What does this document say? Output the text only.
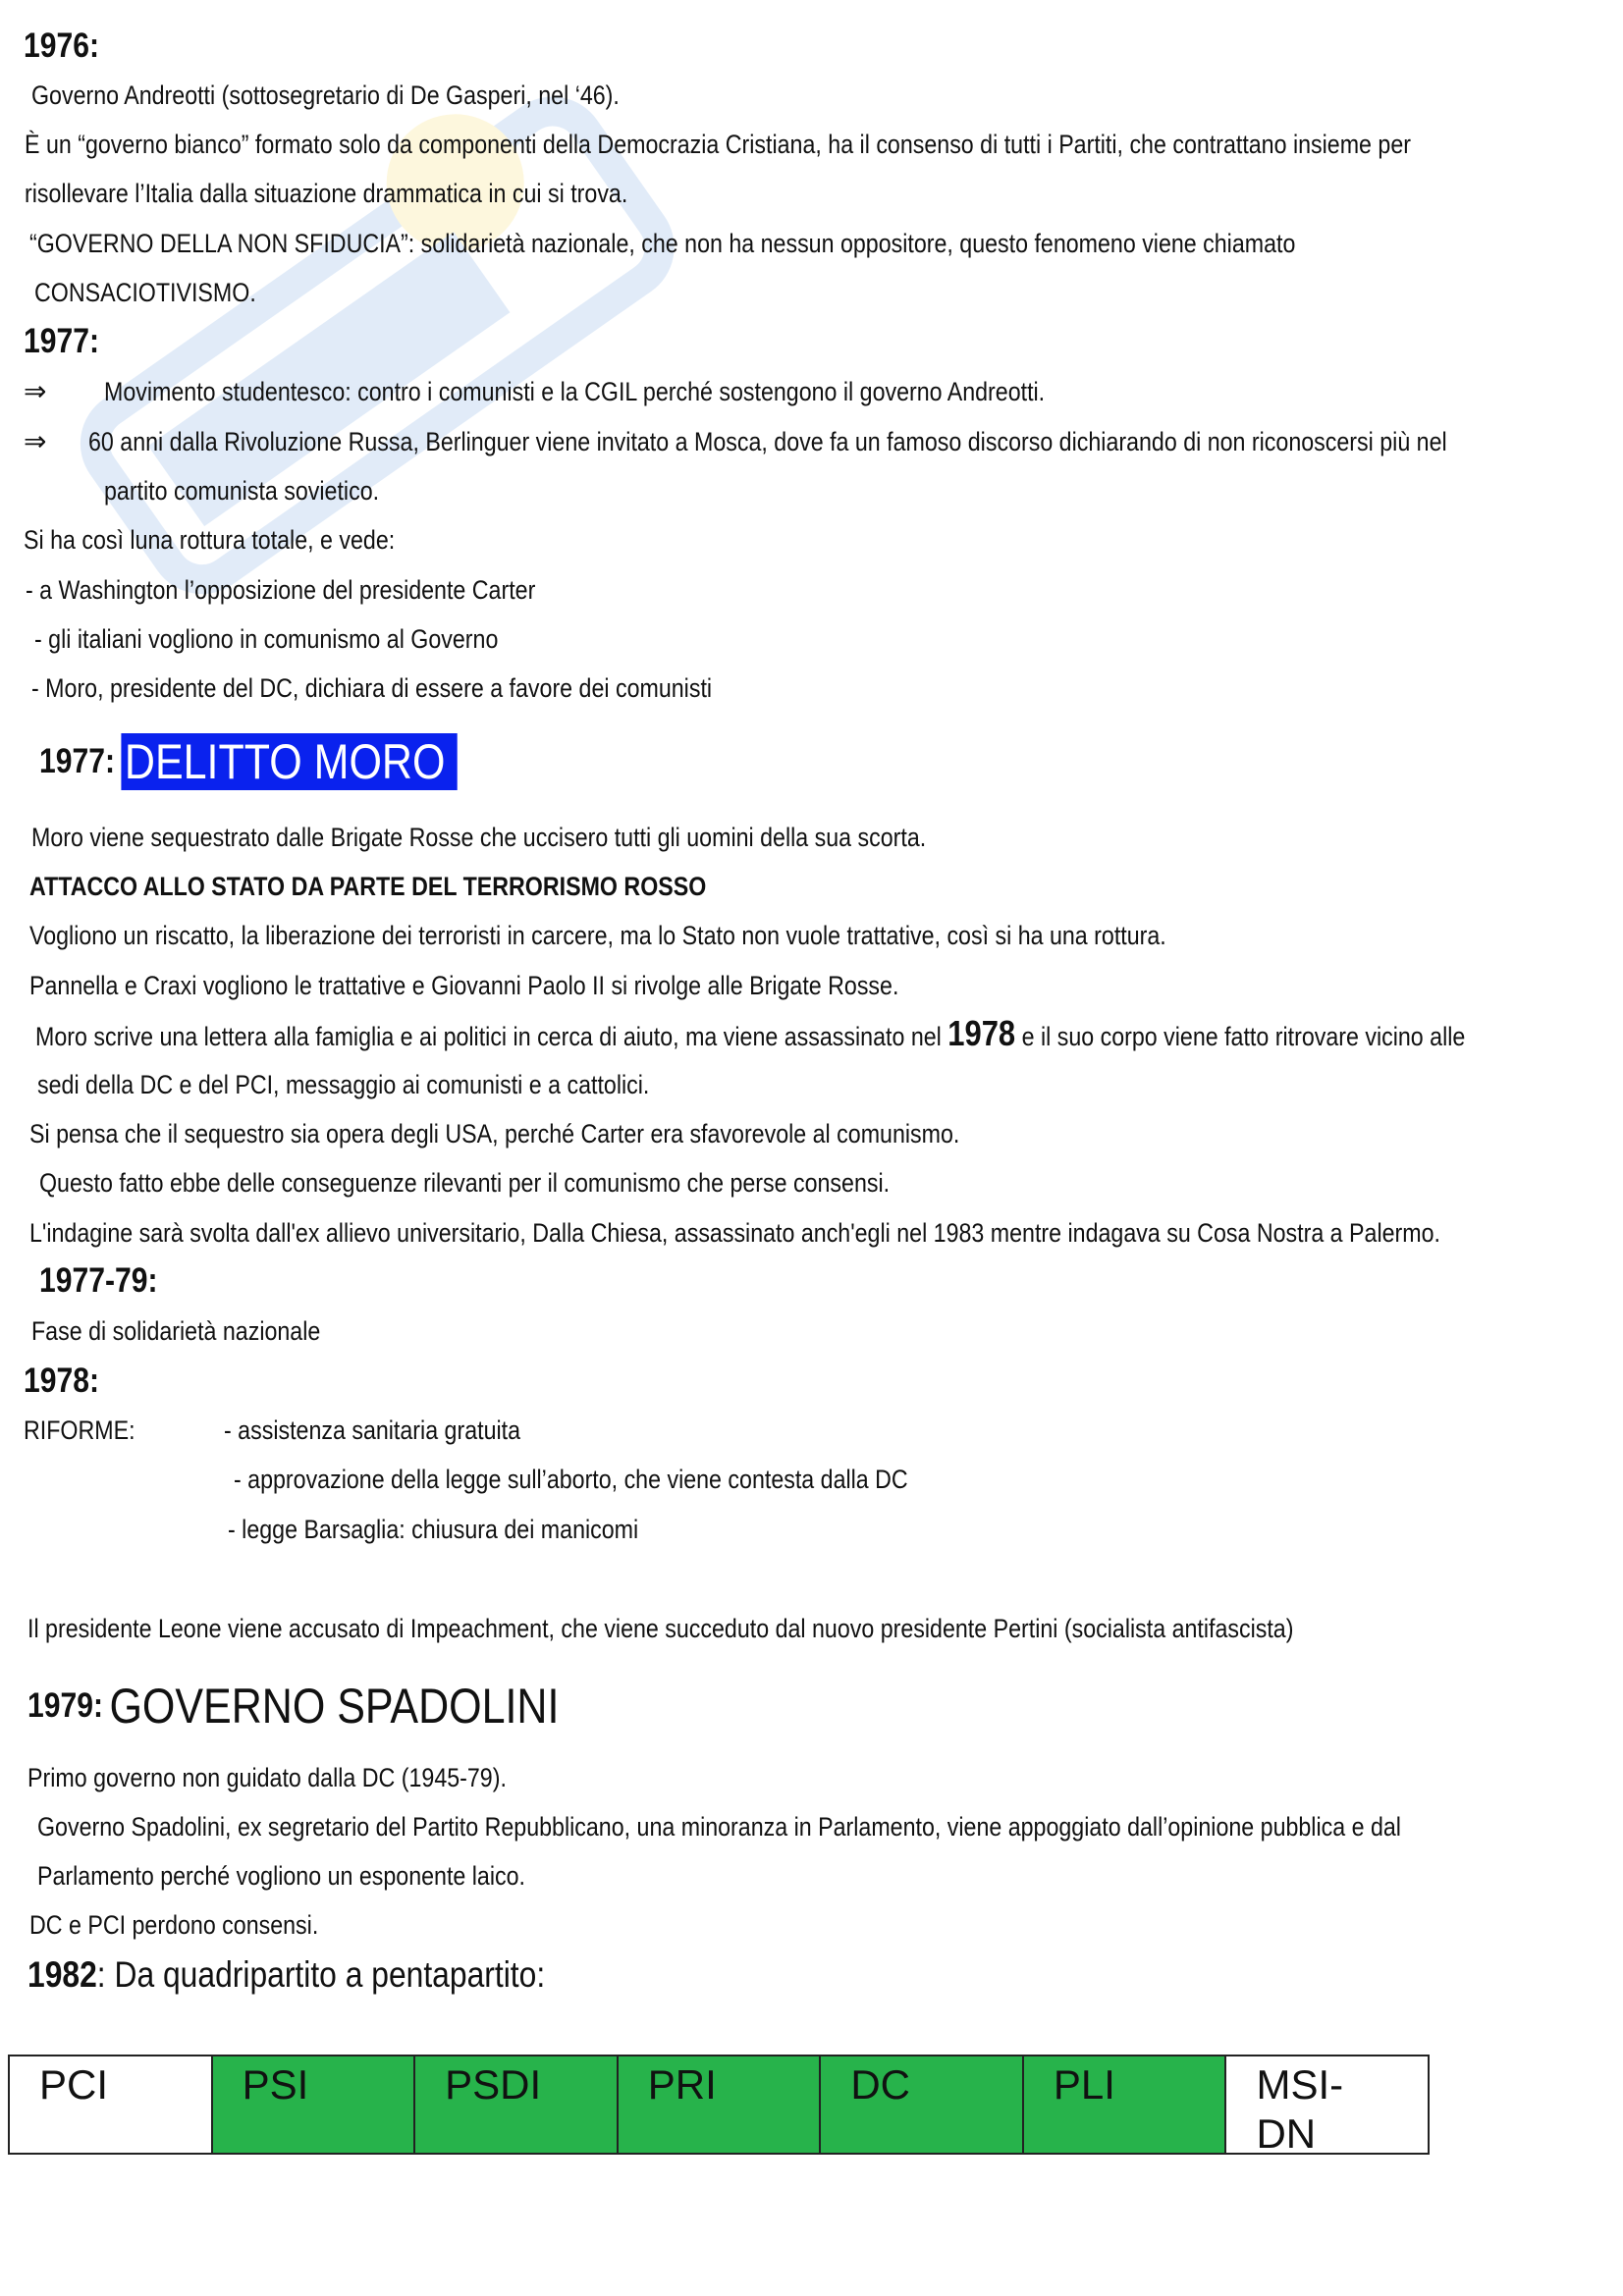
1976:
Governo Andreotti (sottosegretario di De Gasperi, nel ‘46).
È un “governo bianco” formato solo da componenti della Democrazia Cristiana, ha il consenso di tutti i Partiti, che contrattano insieme per
risollevare l’Italia dalla situazione drammatica in cui si trova.
“GOVERNO DELLA NON SFIDUCIA”: solidarietà nazionale, che non ha nessun oppositore, questo fenomeno viene chiamato
CONSACIOTIVISMO.
1977:
⇒ Movimento studentesco: contro i comunisti e la CGIL perché sostengono il governo Andreotti.
⇒ 60 anni dalla Rivoluzione Russa, Berlinguer viene invitato a Mosca, dove fa un famoso discorso dichiarando di non riconoscersi più nel
partito comunista sovietico.
Si ha così luna rottura totale, e vede:
- a Washington l’opposizione del presidente Carter
- gli italiani vogliono in comunismo al Governo
- Moro, presidente del DC, dichiara di essere a favore dei comunisti
1977: DELITTO MORO
Moro viene sequestrato dalle Brigate Rosse che uccisero tutti gli uomini della sua scorta.
ATTACCO ALLO STATO DA PARTE DEL TERRORISMO ROSSO
Vogliono un riscatto, la liberazione dei terroristi in carcere, ma lo Stato non vuole trattative, così si ha una rottura.
Pannella e Craxi vogliono le trattative e Giovanni Paolo II si rivolge alle Brigate Rosse.
Moro scrive una lettera alla famiglia e ai politici in cerca di aiuto, ma viene assassinato nel 1978 e il suo corpo viene fatto ritrovare vicino alle
sedi della DC e del PCI, messaggio ai comunisti e a cattolici.
Si pensa che il sequestro sia opera degli USA, perché Carter era sfavorevole al comunismo.
Questo fatto ebbe delle conseguenze rilevanti per il comunismo che perse consensi.
L'indagine sarà svolta dall'ex allievo universitario, Dalla Chiesa, assassinato anch'egli nel 1983 mentre indagava su Cosa Nostra a Palermo.
1977-79:
Fase di solidarietà nazionale
1978:
RIFORME:	- assistenza sanitaria gratuita
- approvazione della legge sull’aborto, che viene contesta dalla DC
- legge Barsaglia: chiusura dei manicomi
Il presidente Leone viene accusato di Impeachment, che viene succeduto dal nuovo presidente Pertini (socialista antifascista)
1979: GOVERNO SPADOLINI
Primo governo non guidato dalla DC (1945-79).
Governo Spadolini, ex segretario del Partito Repubblicano, una minoranza in Parlamento, viene appoggiato dall’opinione pubblica e dal
Parlamento perché vogliono un esponente laico.
DC e PCI perdono consensi.
1982: Da quadripartito a pentapartito:
PCI	PSI	PSDI	PRI	DC	PLI	MSI-
DN
